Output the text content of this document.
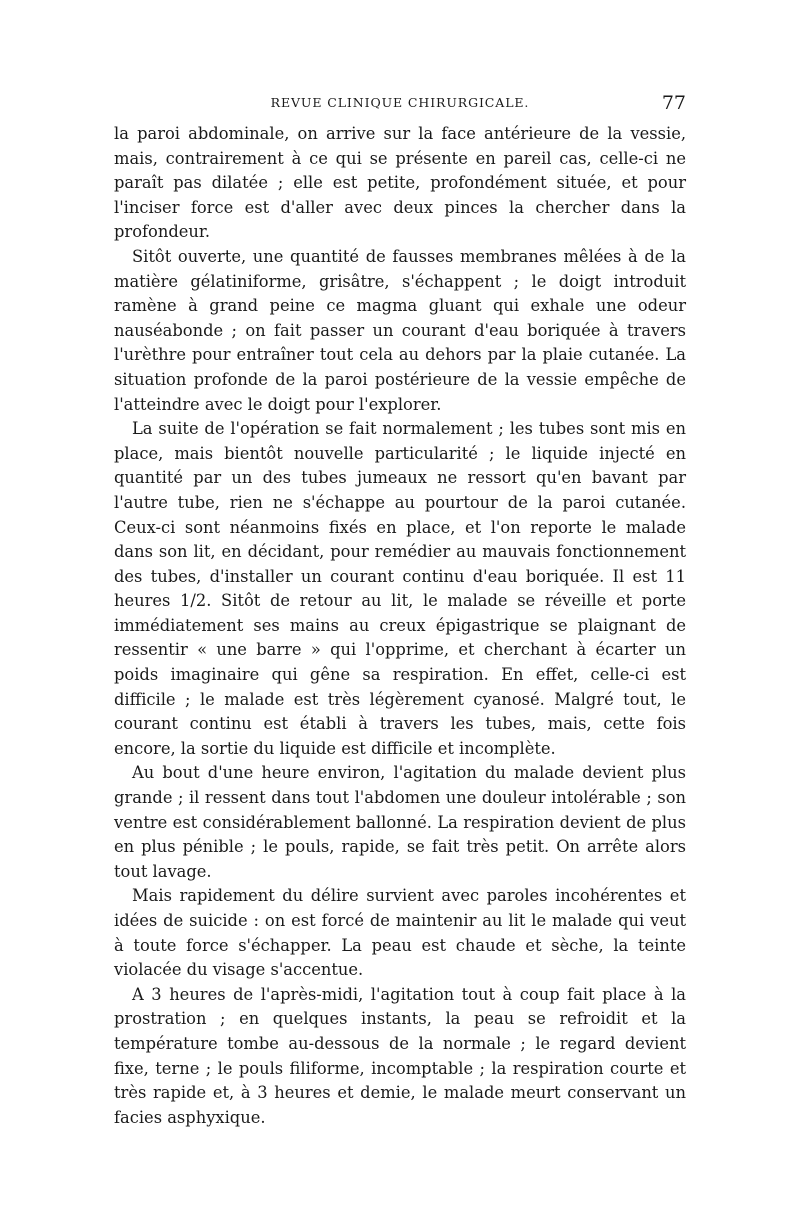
REVUE CLINIQUE CHIRURGICALE.	77

la paroi abdominale, on arrive sur la face antérieure de la vessie, mais, contrairement à ce qui se présente en pareil cas, celle-ci ne paraît pas dilatée ; elle est petite, profondément située, et pour l'inciser force est d'aller avec deux pinces la chercher dans la profondeur.

Sitôt ouverte, une quantité de fausses membranes mêlées à de la matière gélatiniforme, grisâtre, s'échappent ; le doigt introduit ramène à grand peine ce magma gluant qui exhale une odeur nauséabonde ; on fait passer un courant d'eau boriquée à travers l'urèthre pour entraîner tout cela au dehors par la plaie cutanée. La situation profonde de la paroi postérieure de la vessie empêche de l'atteindre avec le doigt pour l'explorer.

La suite de l'opération se fait normalement ; les tubes sont mis en place, mais bientôt nouvelle particularité ; le liquide injecté en quantité par un des tubes jumeaux ne ressort qu'en bavant par l'autre tube, rien ne s'échappe au pourtour de la paroi cutanée. Ceux-ci sont néanmoins fixés en place, et l'on reporte le malade dans son lit, en décidant, pour remédier au mauvais fonctionnement des tubes, d'installer un courant continu d'eau boriquée. Il est 11 heures 1/2. Sitôt de retour au lit, le malade se réveille et porte immédiatement ses mains au creux épigastrique se plaignant de ressentir « une barre » qui l'opprime, et cherchant à écarter un poids imaginaire qui gêne sa respiration. En effet, celle-ci est difficile ; le malade est très légèrement cyanosé. Malgré tout, le courant continu est établi à travers les tubes, mais, cette fois encore, la sortie du liquide est difficile et incomplète.

Au bout d'une heure environ, l'agitation du malade devient plus grande ; il ressent dans tout l'abdomen une douleur intolérable ; son ventre est considérablement ballonné. La respiration devient de plus en plus pénible ; le pouls, rapide, se fait très petit. On arrête alors tout lavage.

Mais rapidement du délire survient avec paroles incohérentes et idées de suicide : on est forcé de maintenir au lit le malade qui veut à toute force s'échapper. La peau est chaude et sèche, la teinte violacée du visage s'accentue.

A 3 heures de l'après-midi, l'agitation tout à coup fait place à la prostration ; en quelques instants, la peau se refroidit et la température tombe au-dessous de la normale ; le regard devient fixe, terne ; le pouls filiforme, incomptable ; la respiration courte et très rapide et, à 3 heures et demie, le malade meurt conservant un facies asphyxique.
